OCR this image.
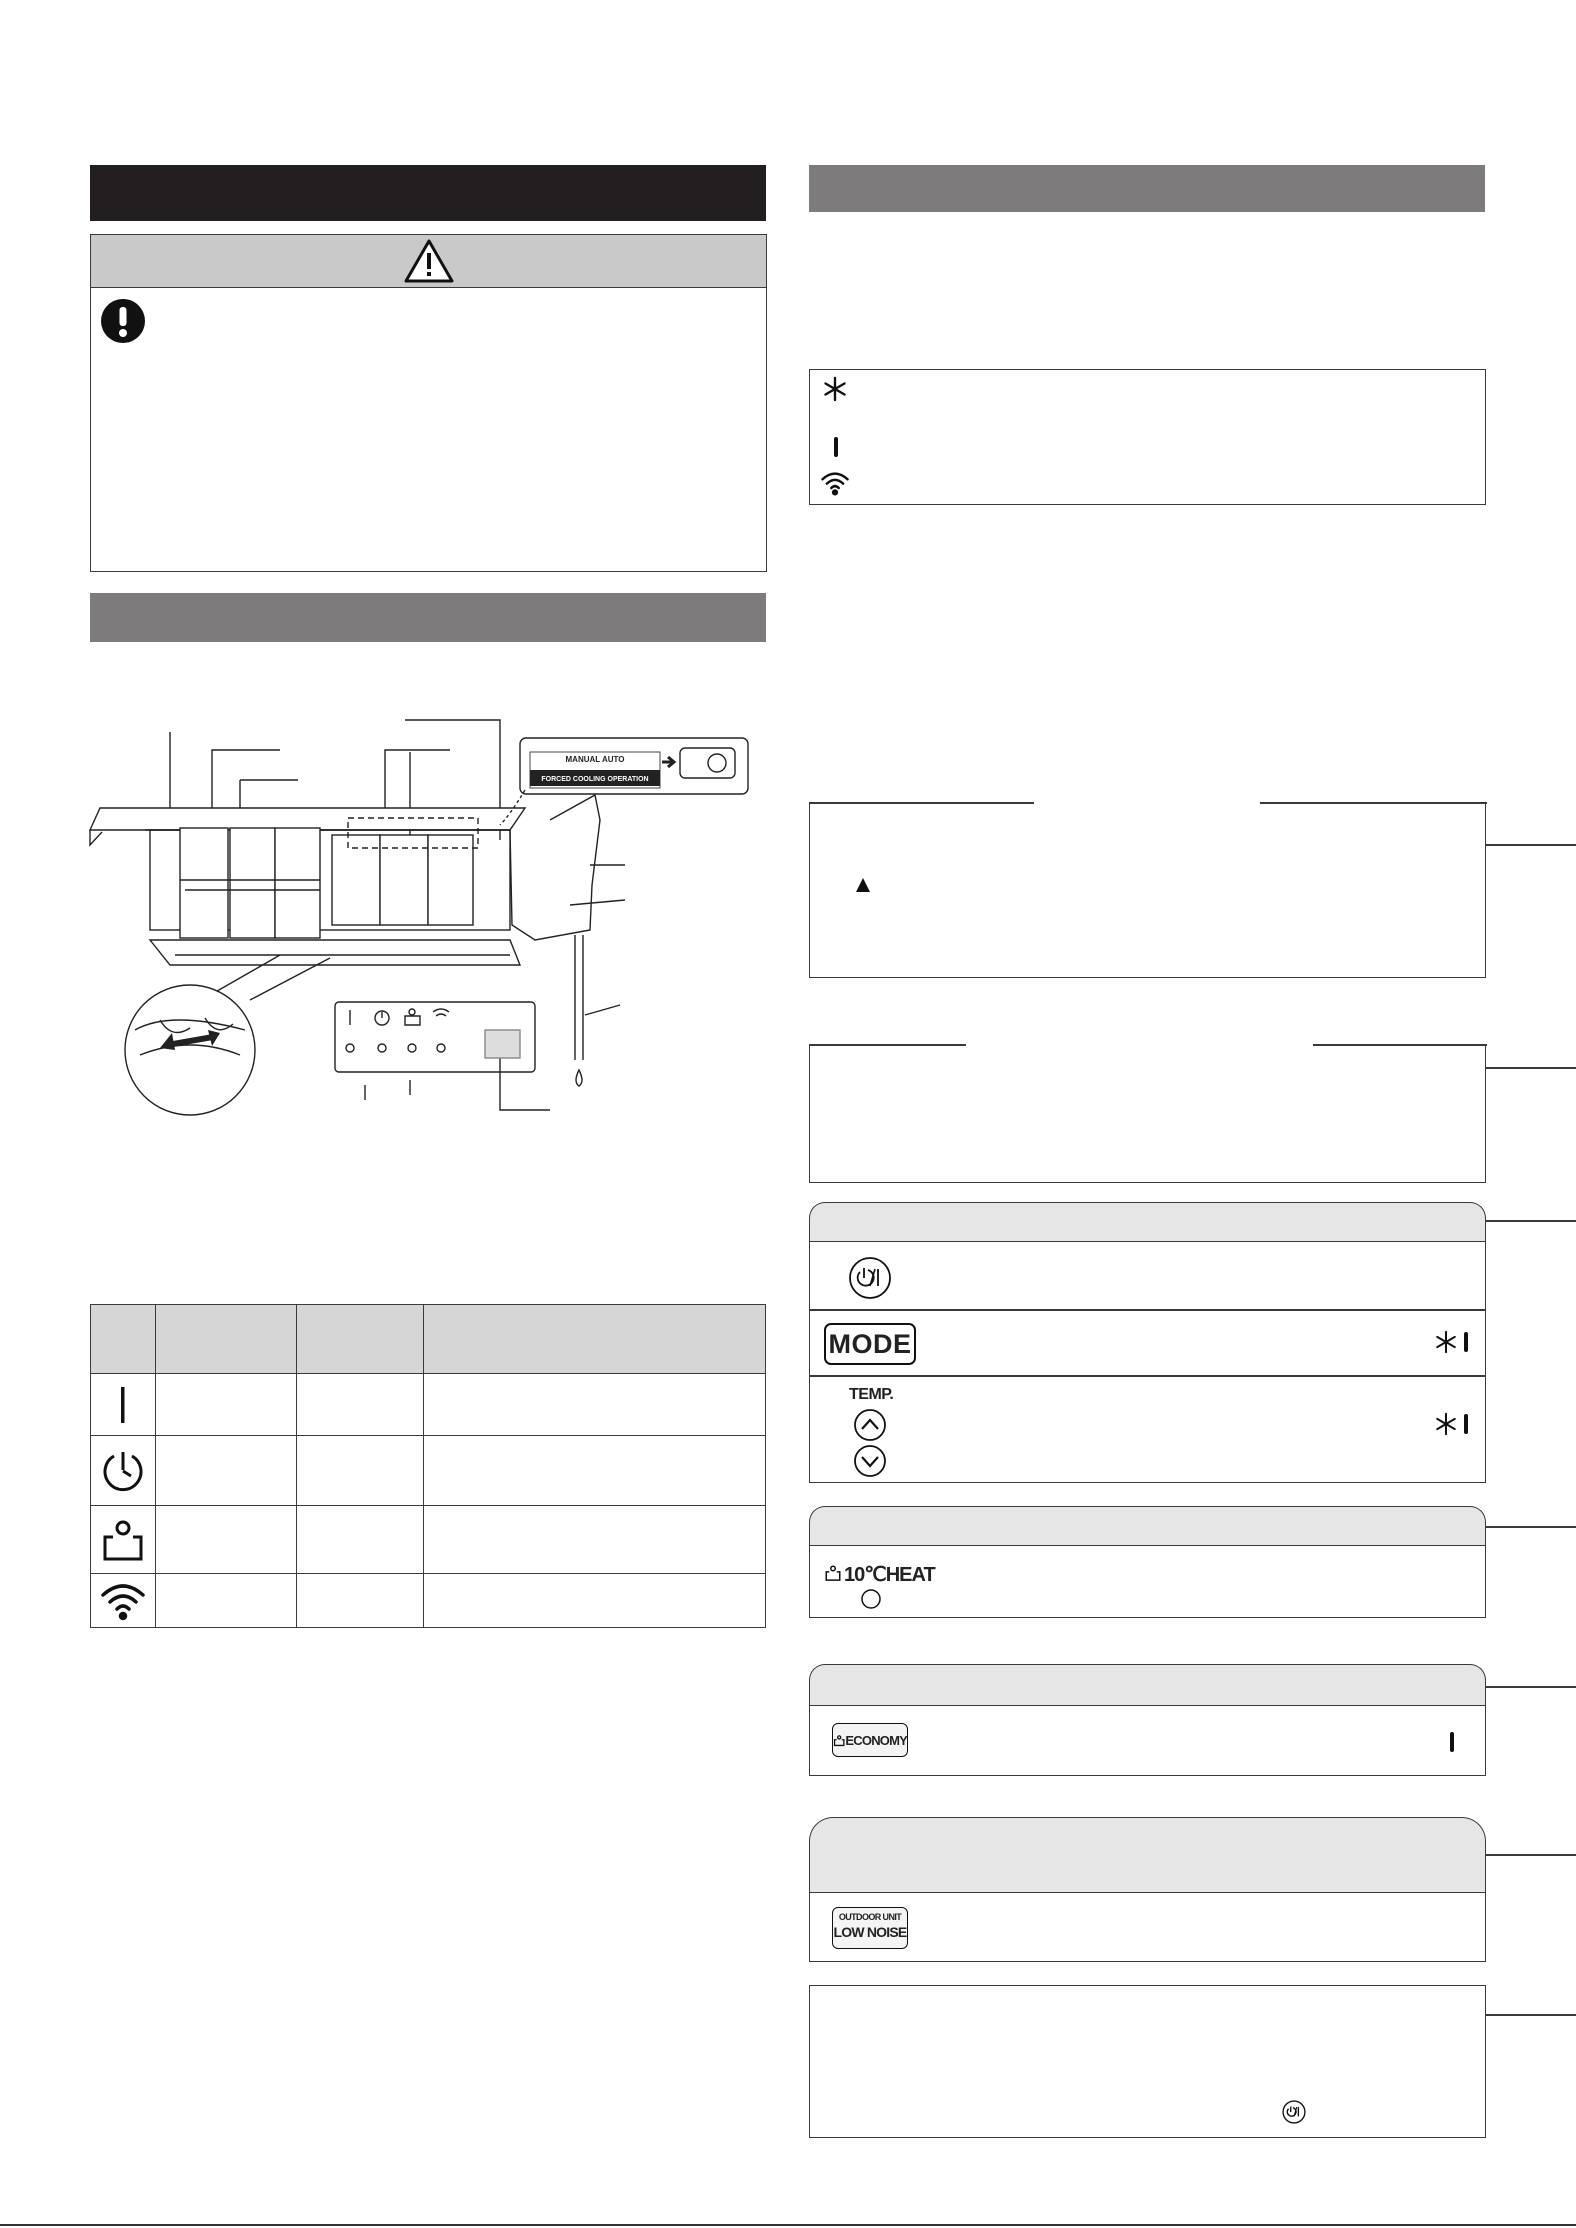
MANUAL AUTO
FORCED COOLING OPERATION

MODE
TEMP.
10℃HEAT
ECONOMY
OUTDOOR UNIT
LOW NOISE
